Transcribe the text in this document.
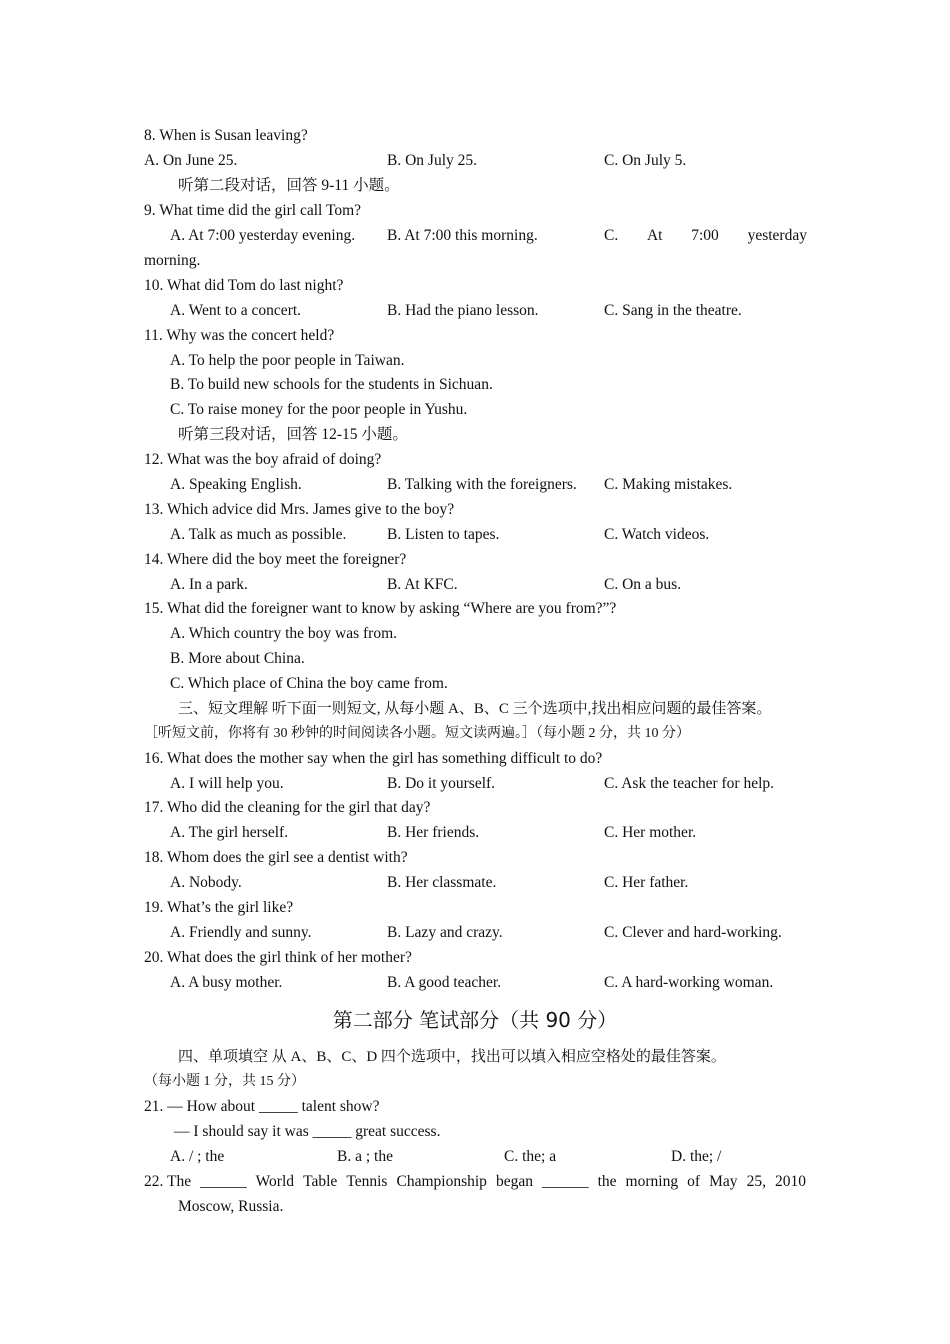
8. When is Susan leaving?
A. On June 25.	B. On July 25.	C. On July 5.
听第二段对话，回答 9-11 小题。
9. What time did the girl call Tom?
A. At 7:00 yesterday evening. B. At 7:00 this morning.	C. At 7:00 yesterday
morning.
10. What did Tom do last night?
A. Went to a concert.	B. Had the piano lesson.	C. Sang in the theatre.
11. Why was the concert held?
A. To help the poor people in Taiwan.
B. To build new schools for the students in Sichuan.
C. To raise money for the poor people in Yushu.
听第三段对话，回答 12-15 小题。
12. What was the boy afraid of doing?
A. Speaking English.	B. Talking with the foreigners. C. Making mistakes.
13. Which advice did Mrs. James give to the boy?
A. Talk as much as possible.	B. Listen to tapes.	C. Watch videos.
14. Where did the boy meet the foreigner?
A. In a park.	B. At KFC.	C. On a bus.
15. What did the foreigner want to know by asking “Where are you from?”?
A. Which country the boy was from.
B. More about China.
C. Which place of China the boy came from.
三、短文理解 听下面一则短文, 从每小题 A、B、C 三个选项中,找出相应问题的最佳答案。
［听短文前，你将有 30 秒钟的时间阅读各小题。短文读两遍。］（每小题 2 分，共 10 分）
16. What does the mother say when the girl has something difficult to do?
A. I will help you.	B. Do it yourself.	C. Ask the teacher for help.
17. Who did the cleaning for the girl that day?
A. The girl herself.	B. Her friends.	C. Her mother.
18. Whom does the girl see a dentist with?
A. Nobody.	B. Her classmate.	C. Her father.
19. What’s the girl like?
A. Friendly and sunny.	B. Lazy and crazy.	C. Clever and hard-working.
20. What does the girl think of her mother?
A. A busy mother.	B. A good teacher.	C. A hard-working woman.
第二部分 笔试部分（共 90 分）
四、单项填空 从 A、B、C、D 四个选项中，找出可以填入相应空格处的最佳答案。
（每小题 1 分，共 15 分）
21. — How about _____ talent show?
— I should say it was _____ great success.
A. / ; the	B. a ; the	C. the; a	D. the; /
22. The ______ World Table Tennis Championship began ______ the morning of May 25, 2010
Moscow, Russia.
